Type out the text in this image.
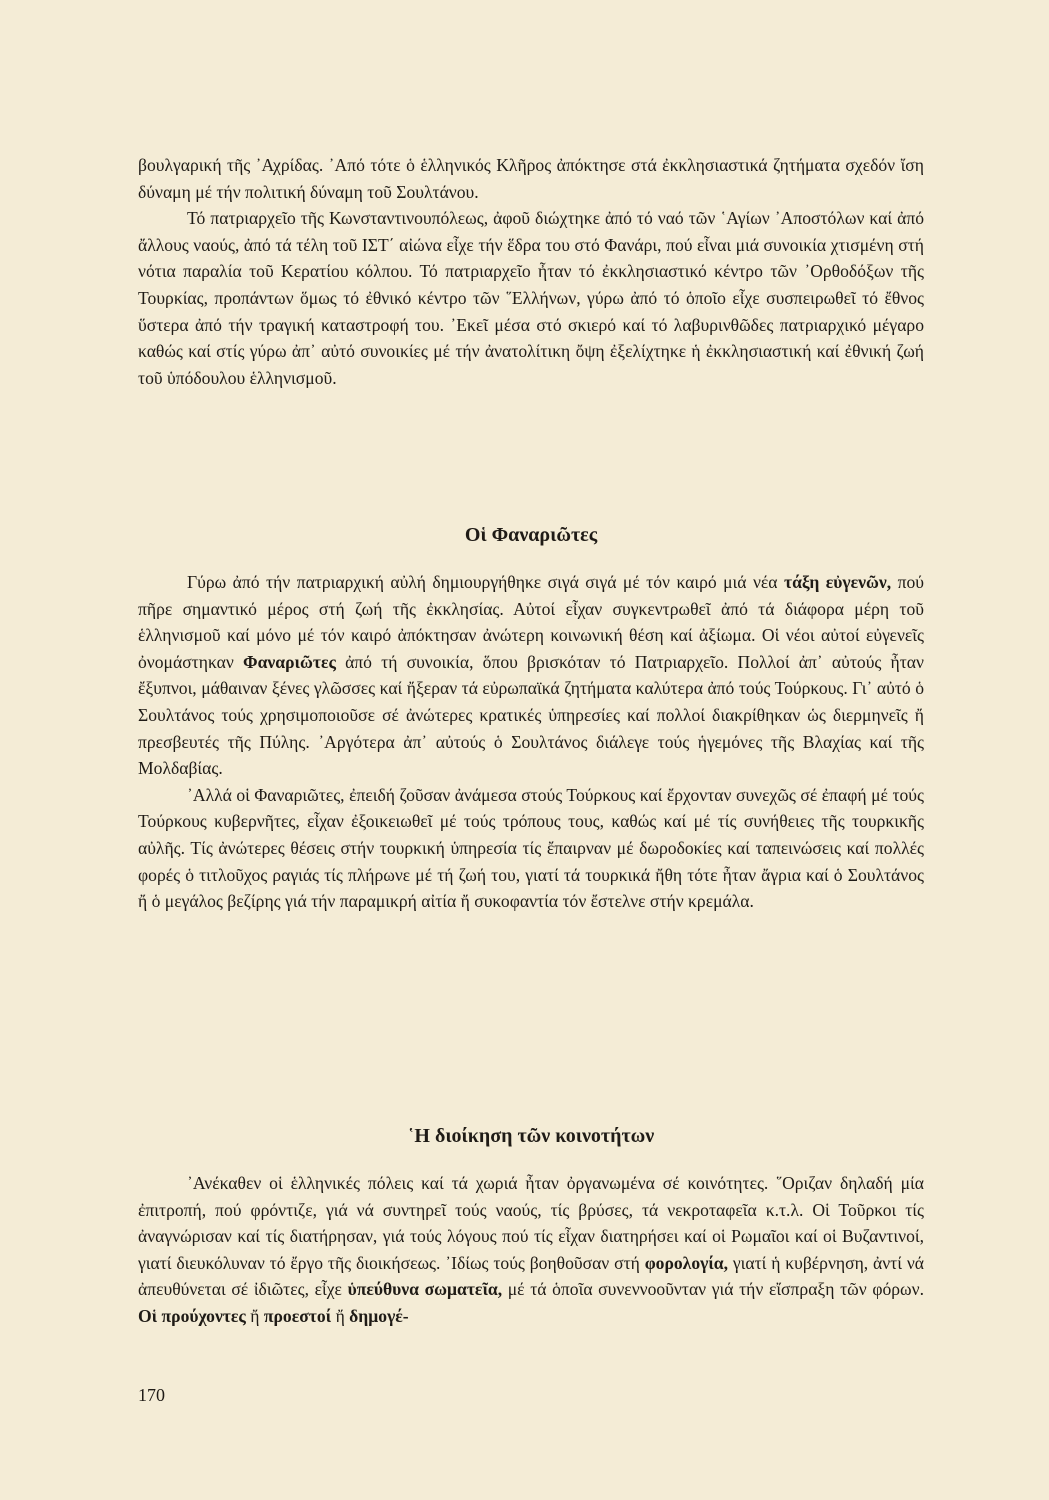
βουλγαρική τῆς ᾿Αχρίδας. ᾿Από τότε ὁ ἑλληνικός Κλῆρος ἀπόκτησε στά ἐκκλησιαστικά ζητήματα σχεδόν ἴση δύναμη μέ τήν πολιτική δύναμη τοῦ Σουλτάνου.

Τό πατριαρχεῖο τῆς Κωνσταντινουπόλεως, ἀφοῦ διώχτηκε ἀπό τό ναό τῶν ῾Αγίων ᾿Αποστόλων καί ἀπό ἄλλους ναούς, ἀπό τά τέλη τοῦ ΙΣΤ΄ αἰώνα εἶχε τήν ἕδρα του στό Φανάρι, πού εἶναι μιά συνοικία χτισμένη στή νότια παραλία τοῦ Κερατίου κόλπου. Τό πατριαρχεῖο ἦταν τό ἐκκλησιαστικό κέντρο τῶν ᾿Ορθοδόξων τῆς Τουρκίας, προπάντων ὅμως τό ἐθνικό κέντρο τῶν ῞Ελλήνων, γύρω ἀπό τό ὁποῖο εἶχε συσπειρωθεῖ τό ἔθνος ὕστερα ἀπό τήν τραγική καταστροφή του. ᾿Εκεῖ μέσα στό σκιερό καί τό λαβυρινθῶδες πατριαρχικό μέγαρο καθώς καί στίς γύρω ἀπ᾿ αὐτό συνοικίες μέ τήν ἀνατολίτικη ὄψη ἐξελίχτηκε ἡ ἐκκλησιαστική καί ἐθνική ζωή τοῦ ὑπόδουλου ἑλληνισμοῦ.

Οἱ Φαναριῶτες

Γύρω ἀπό τήν πατριαρχική αὐλή δημιουργήθηκε σιγά σιγά μέ τόν καιρό μιά νέα τάξη εὐγενῶν, πού πῆρε σημαντικό μέρος στή ζωή τῆς ἐκκλησίας. Αὐτοί εἶχαν συγκεντρωθεῖ ἀπό τά διάφορα μέρη τοῦ ἑλληνισμοῦ καί μόνο μέ τόν καιρό ἀπόκτησαν ἀνώτερη κοινωνική θέση καί ἀξίωμα. Οἱ νέοι αὐτοί εὐγενεῖς ὀνομάστηκαν Φαναριῶτες ἀπό τή συνοικία, ὅπου βρισκόταν τό Πατριαρχεῖο. Πολλοί ἀπ᾿ αὐτούς ἦταν ἔξυπνοι, μάθαιναν ξένες γλῶσσες καί ἤξεραν τά εὐρωπαϊκά ζητήματα καλύτερα ἀπό τούς Τούρκους. Γι᾿ αὐτό ὁ Σουλτάνος τούς χρησιμοποιοῦσε σέ ἀνώτερες κρατικές ὑπηρεσίες καί πολλοί διακρίθηκαν ὡς διερμηνεῖς ἤ πρεσβευτές τῆς Πύλης. ᾿Αργότερα ἀπ᾿ αὐτούς ὁ Σουλτάνος διάλεγε τούς ἡγεμόνες τῆς Βλαχίας καί τῆς Μολδαβίας.

᾿Αλλά οἱ Φαναριῶτες, ἐπειδή ζοῦσαν ἀνάμεσα στούς Τούρκους καί ἔρχονταν συνεχῶς σέ ἐπαφή μέ τούς Τούρκους κυβερνῆτες, εἶχαν ἐξοικειωθεῖ μέ τούς τρόπους τους, καθώς καί μέ τίς συνήθειες τῆς τουρκικῆς αὐλῆς. Τίς ἀνώτερες θέσεις στήν τουρκική ὑπηρεσία τίς ἔπαιρναν μέ δωροδοκίες καί ταπεινώσεις καί πολλές φορές ὁ τιτλοῦχος ραγιάς τίς πλήρωνε μέ τή ζωή του, γιατί τά τουρκικά ἤθη τότε ἦταν ἄγρια καί ὁ Σουλτάνος ἤ ὁ μεγάλος βεζίρης γιά τήν παραμικρή αἰτία ἤ συκοφαντία τόν ἔστελνε στήν κρεμάλα.

῾Η διοίκηση τῶν κοινοτήτων

᾿Ανέκαθεν οἱ ἑλληνικές πόλεις καί τά χωριά ἦταν ὀργανωμένα σέ κοινότητες. ῞Οριζαν δηλαδή μία ἐπιτροπή, πού φρόντιζε, γιά νά συντηρεῖ τούς ναούς, τίς βρύσες, τά νεκροταφεῖα κ.τ.λ. Οἱ Τοῦρκοι τίς ἀναγνώρισαν καί τίς διατήρησαν, γιά τούς λόγους πού τίς εἶχαν διατηρήσει καί οἱ Ρωμαῖοι καί οἱ Βυζαντινοί, γιατί διευκόλυναν τό ἔργο τῆς διοικήσεως. ᾿Ιδίως τούς βοηθοῦσαν στή φορολογία, γιατί ἡ κυβέρνηση, ἀντί νά ἀπευθύνεται σέ ἰδιῶτες, εἶχε ὑπεύθυνα σωματεῖα, μέ τά ὁποῖα συνεννοοῦνταν γιά τήν εἴσπραξη τῶν φόρων. Οἱ προύχοντες ἤ προεστοί ἤ δημογέ-

170
